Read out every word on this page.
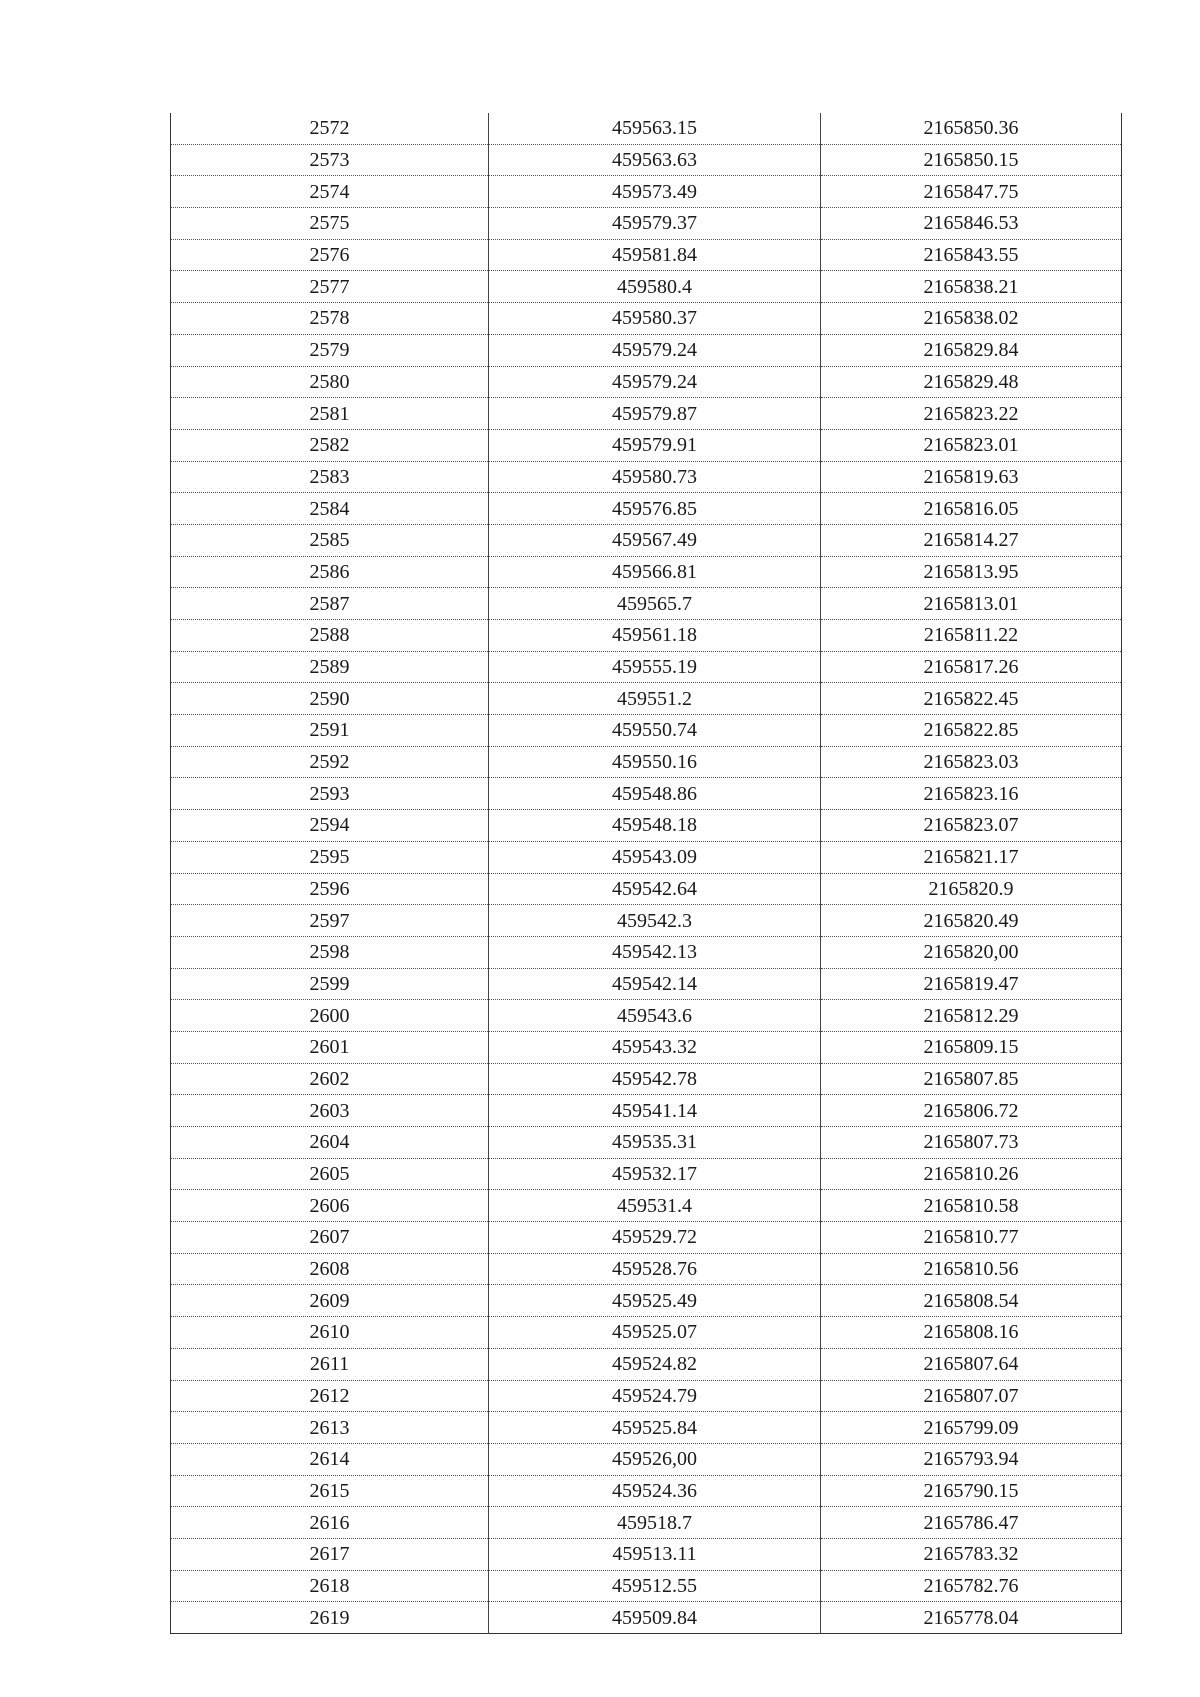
2572	459563.15	2165850.36
2573	459563.63	2165850.15
2574	459573.49	2165847.75
2575	459579.37	2165846.53
2576	459581.84	2165843.55
2577	459580.4	2165838.21
2578	459580.37	2165838.02
2579	459579.24	2165829.84
2580	459579.24	2165829.48
2581	459579.87	2165823.22
2582	459579.91	2165823.01
2583	459580.73	2165819.63
2584	459576.85	2165816.05
2585	459567.49	2165814.27
2586	459566.81	2165813.95
2587	459565.7	2165813.01
2588	459561.18	2165811.22
2589	459555.19	2165817.26
2590	459551.2	2165822.45
2591	459550.74	2165822.85
2592	459550.16	2165823.03
2593	459548.86	2165823.16
2594	459548.18	2165823.07
2595	459543.09	2165821.17
2596	459542.64	2165820.9
2597	459542.3	2165820.49
2598	459542.13	2165820,00
2599	459542.14	2165819.47
2600	459543.6	2165812.29
2601	459543.32	2165809.15
2602	459542.78	2165807.85
2603	459541.14	2165806.72
2604	459535.31	2165807.73
2605	459532.17	2165810.26
2606	459531.4	2165810.58
2607	459529.72	2165810.77
2608	459528.76	2165810.56
2609	459525.49	2165808.54
2610	459525.07	2165808.16
2611	459524.82	2165807.64
2612	459524.79	2165807.07
2613	459525.84	2165799.09
2614	459526,00	2165793.94
2615	459524.36	2165790.15
2616	459518.7	2165786.47
2617	459513.11	2165783.32
2618	459512.55	2165782.76
2619	459509.84	2165778.04
